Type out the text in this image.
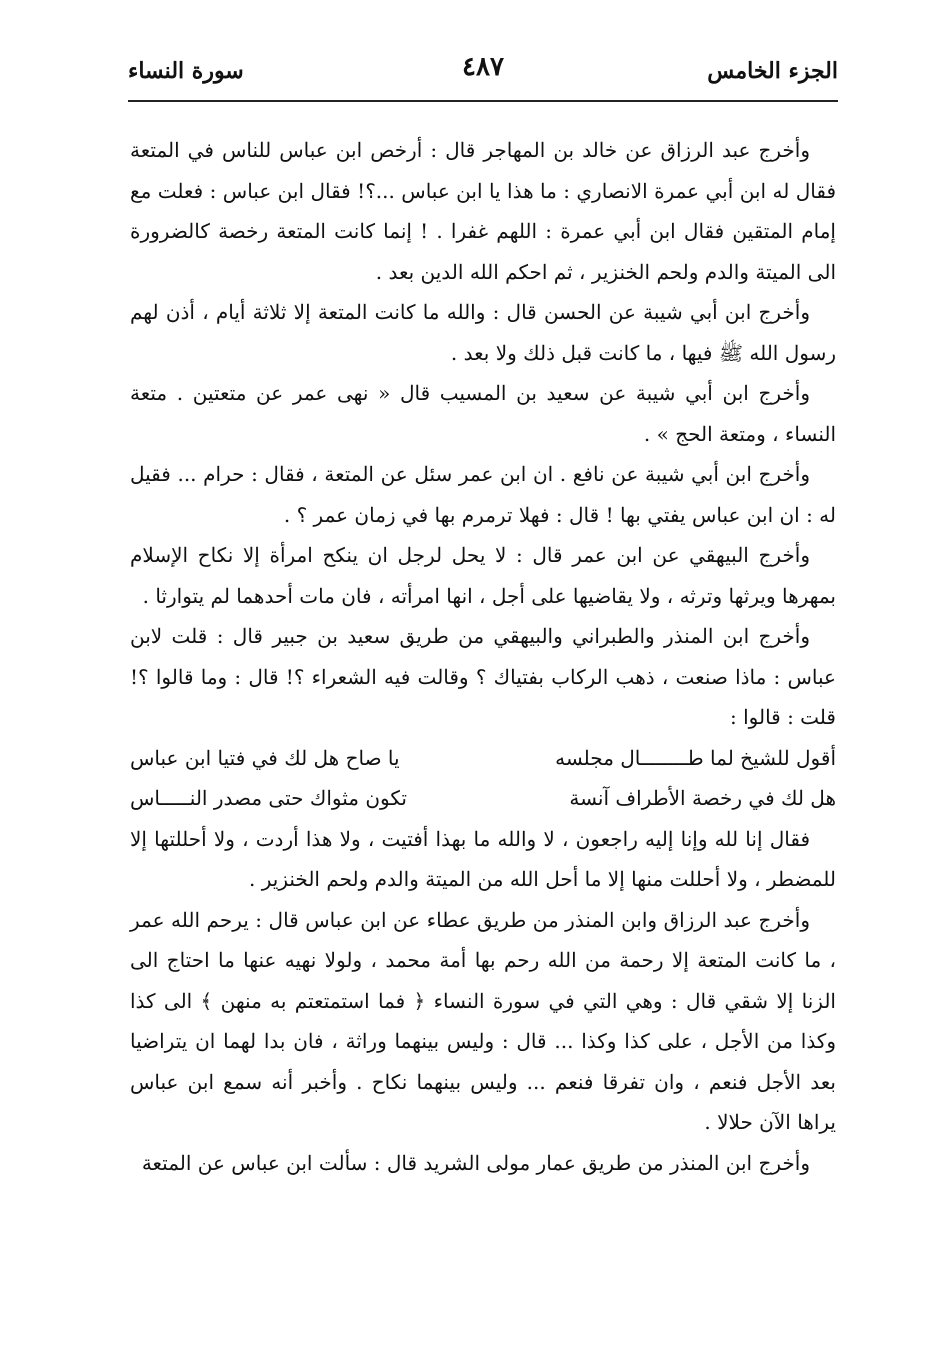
الجزء الخامس
٤٨٧
سورة النساء

وأخرج عبد الرزاق عن خالد بن المهاجر قال : أرخص ابن عباس للناس في المتعة فقال له ابن أبي عمرة الانصاري : ما هذا يا ابن عباس ...؟! فقال ابن عباس : فعلت مع إمام المتقين فقال ابن أبي عمرة : اللهم غفرا . ! إنما كانت المتعة رخصة كالضرورة الى الميتة والدم ولحم الخنزير ، ثم احكم الله الدين بعد .

وأخرج ابن أبي شيبة عن الحسن قال : والله ما كانت المتعة إلا ثلاثة أيام ، أذن لهم رسول الله ﷺ فيها ، ما كانت قبل ذلك ولا بعد .

وأخرج ابن أبي شيبة عن سعيد بن المسيب قال « نهى عمر عن متعتين . متعة النساء ، ومتعة الحج » .

وأخرج ابن أبي شيبة عن نافع . ان ابن عمر سئل عن المتعة ، فقال : حرام ... فقيل له : ان ابن عباس يفتي بها ! قال : فهلا ترمرم بها في زمان عمر ؟ .

وأخرج البيهقي عن ابن عمر قال : لا يحل لرجل ان ينكح امرأة إلا نكاح الإسلام بمهرها ويرثها وترثه ، ولا يقاضيها على أجل ، انها امرأته ، فان مات أحدهما لم يتوارثا .

وأخرج ابن المنذر والطبراني والبيهقي من طريق سعيد بن جبير قال : قلت لابن عباس : ماذا صنعت ، ذهب الركاب بفتياك ؟ وقالت فيه الشعراء ؟! قال : وما قالوا ؟! قلت : قالوا :

أقول للشيخ لما طــــــــال مجلسه
يا صاح هل لك في فتيا ابن عباس
هل لك في رخصة الأطراف آنسة
تكون مثواك حتى مصدر النـــــاس

فقال إنا لله وإنا إليه راجعون ، لا والله ما بهذا أفتيت ، ولا هذا أردت ، ولا أحللتها إلا للمضطر ، ولا أحللت منها إلا ما أحل الله من الميتة والدم ولحم الخنزير .

وأخرج عبد الرزاق وابن المنذر من طريق عطاء عن ابن عباس قال : يرحم الله عمر ، ما كانت المتعة إلا رحمة من الله رحم بها أمة محمد ، ولولا نهيه عنها ما احتاج الى الزنا إلا شقي قال : وهي التي في سورة النساء ﴿ فما استمتعتم به منهن ﴾ الى كذا وكذا من الأجل ، على كذا وكذا ... قال : وليس بينهما وراثة ، فان بدا لهما ان يتراضيا بعد الأجل فنعم ، وان تفرقا فنعم ... وليس بينهما نكاح . وأخبر أنه سمع ابن عباس يراها الآن حلالا .

وأخرج ابن المنذر من طريق عمار مولى الشريد قال : سألت ابن عباس عن المتعة
